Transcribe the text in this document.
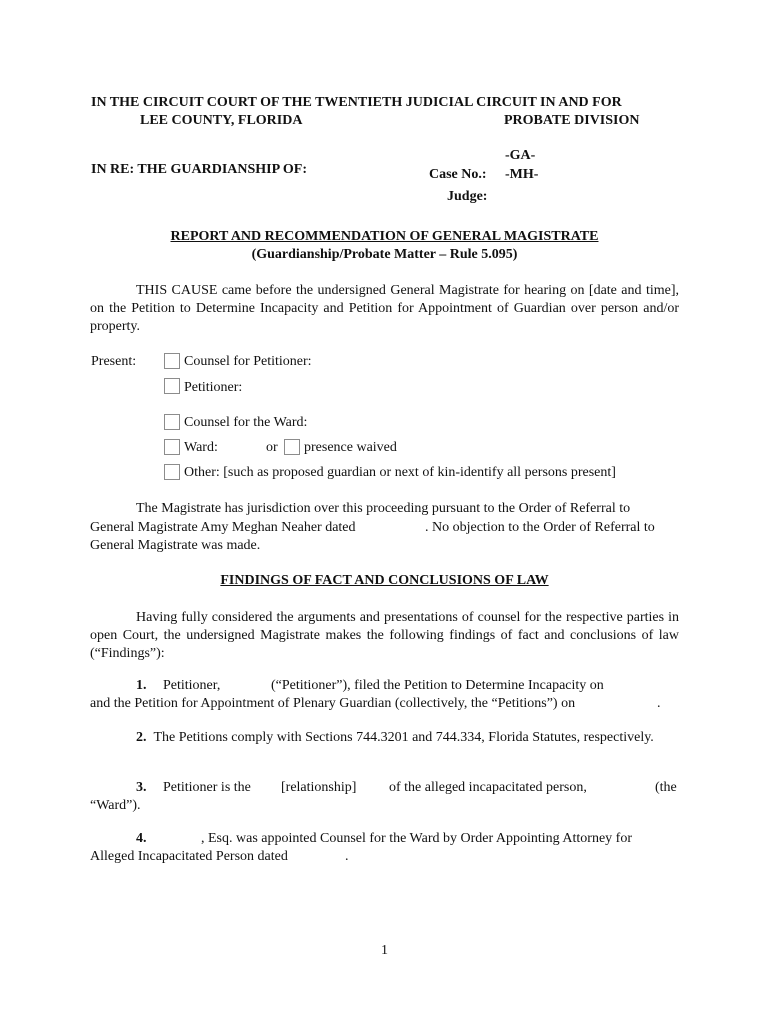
IN THE CIRCUIT COURT OF THE TWENTIETH JUDICIAL CIRCUIT IN AND FOR
LEE COUNTY, FLORIDA	PROBATE DIVISION
IN RE: THE GUARDIANSHIP OF:
-GA-
Case No.: -MH-
Judge:
REPORT AND RECOMMENDATION OF GENERAL MAGISTRATE
(Guardianship/Probate Matter – Rule 5.095)
THIS CAUSE came before the undersigned General Magistrate for hearing on [date and time], on the Petition to Determine Incapacity and Petition for Appointment of Guardian over person and/or property.
Present:	Counsel for Petitioner:
Petitioner:
Counsel for the Ward:
Ward:	or presence waived
Other: [such as proposed guardian or next of kin-identify all persons present]
The Magistrate has jurisdiction over this proceeding pursuant to the Order of Referral to
General Magistrate Amy Meghan Neaher dated	. No objection to the Order of Referral to
General Magistrate was made.
FINDINGS OF FACT AND CONCLUSIONS OF LAW
Having fully considered the arguments and presentations of counsel for the respective parties in open Court, the undersigned Magistrate makes the following findings of fact and conclusions of law (“Findings”):
1. Petitioner,	(“Petitioner”), filed the Petition to Determine Incapacity on
and the Petition for Appointment of Plenary Guardian (collectively, the “Petitions”) on	.
2. The Petitions comply with Sections 744.3201 and 744.334, Florida Statutes, respectively.
3. Petitioner is the [relationship] of the alleged incapacitated person,	(the
“Ward”).
4.	, Esq. was appointed Counsel for the Ward by Order Appointing Attorney for
Alleged Incapacitated Person dated	.
1
